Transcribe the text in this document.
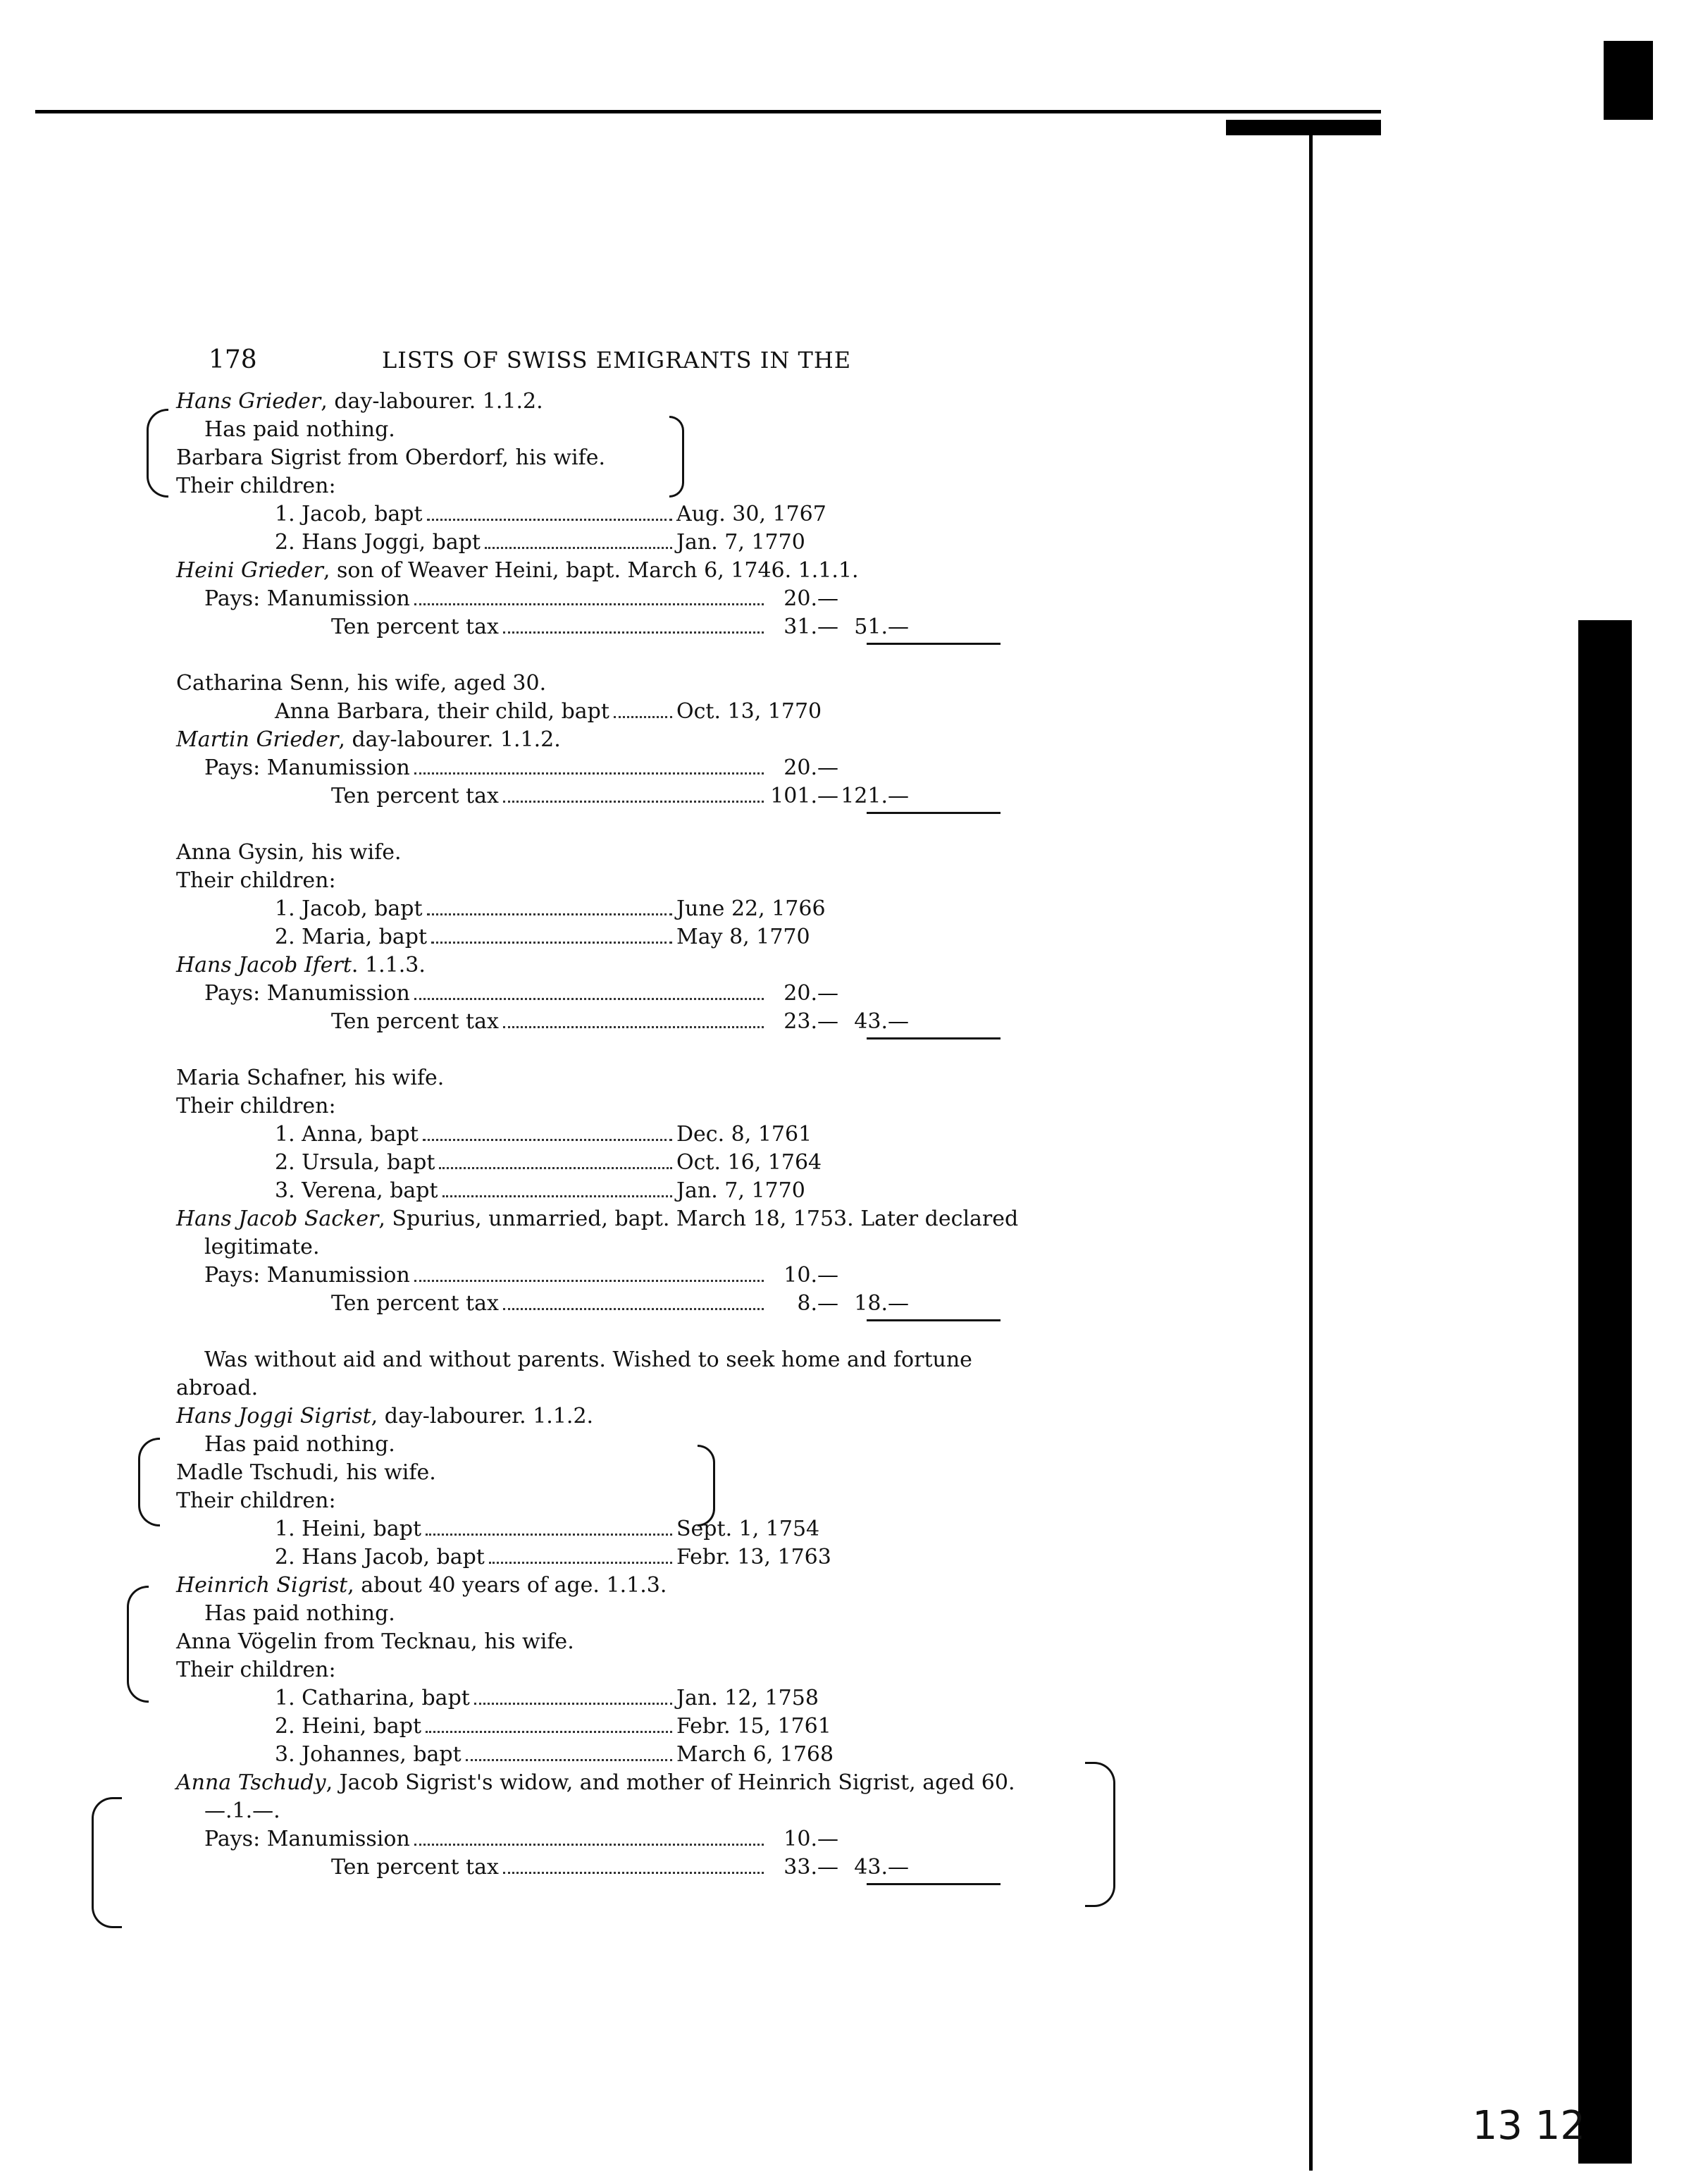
178	LISTS OF SWISS EMIGRANTS IN THE
Hans Grieder, day-labourer. 1.1.2.
Has paid nothing.
Barbara Sigrist from Oberdorf, his wife.
Their children:
1. Jacob, bapt	Aug. 30, 1767
2. Hans Joggi, bapt	Jan. 7, 1770
Heini Grieder, son of Weaver Heini, bapt. March 6, 1746. 1.1.1.
Pays: Manumission	20.—
Ten percent tax	31.— 51.—
Catharina Senn, his wife, aged 30.
Anna Barbara, their child, bapt	Oct. 13, 1770
Martin Grieder, day-labourer. 1.1.2.
Pays: Manumission	20.—
Ten percent tax	101.— 121.—
Anna Gysin, his wife.
Their children:
1. Jacob, bapt	June 22, 1766
2. Maria, bapt	May 8, 1770
Hans Jacob Ifert. 1.1.3.
Pays: Manumission	20.—
Ten percent tax	23.— 43.—
Maria Schafner, his wife.
Their children:
1. Anna, bapt	Dec. 8, 1761
2. Ursula, bapt	Oct. 16, 1764
3. Verena, bapt	Jan. 7, 1770
Hans Jacob Sacker, Spurius, unmarried, bapt. March 18, 1753. Later declared
legitimate.
Pays: Manumission	10.—
Ten percent tax	8.— 18.—
Was without aid and without parents. Wished to seek home and fortune
abroad.
Hans Joggi Sigrist, day-labourer. 1.1.2.
Has paid nothing.
Madle Tschudi, his wife.
Their children:
1. Heini, bapt	Sept. 1, 1754
2. Hans Jacob, bapt	Febr. 13, 1763
Heinrich Sigrist, about 40 years of age. 1.1.3.
Has paid nothing.
Anna Vögelin from Tecknau, his wife.
Their children:
1. Catharina, bapt	Jan. 12, 1758
2. Heini, bapt	Febr. 15, 1761
3. Johannes, bapt	March 6, 1768
Anna Tschudy, Jacob Sigrist's widow, and mother of Heinrich Sigrist, aged 60.
—.1.—.
Pays: Manumission	10.—
Ten percent tax	33.— 43.—
13 12
